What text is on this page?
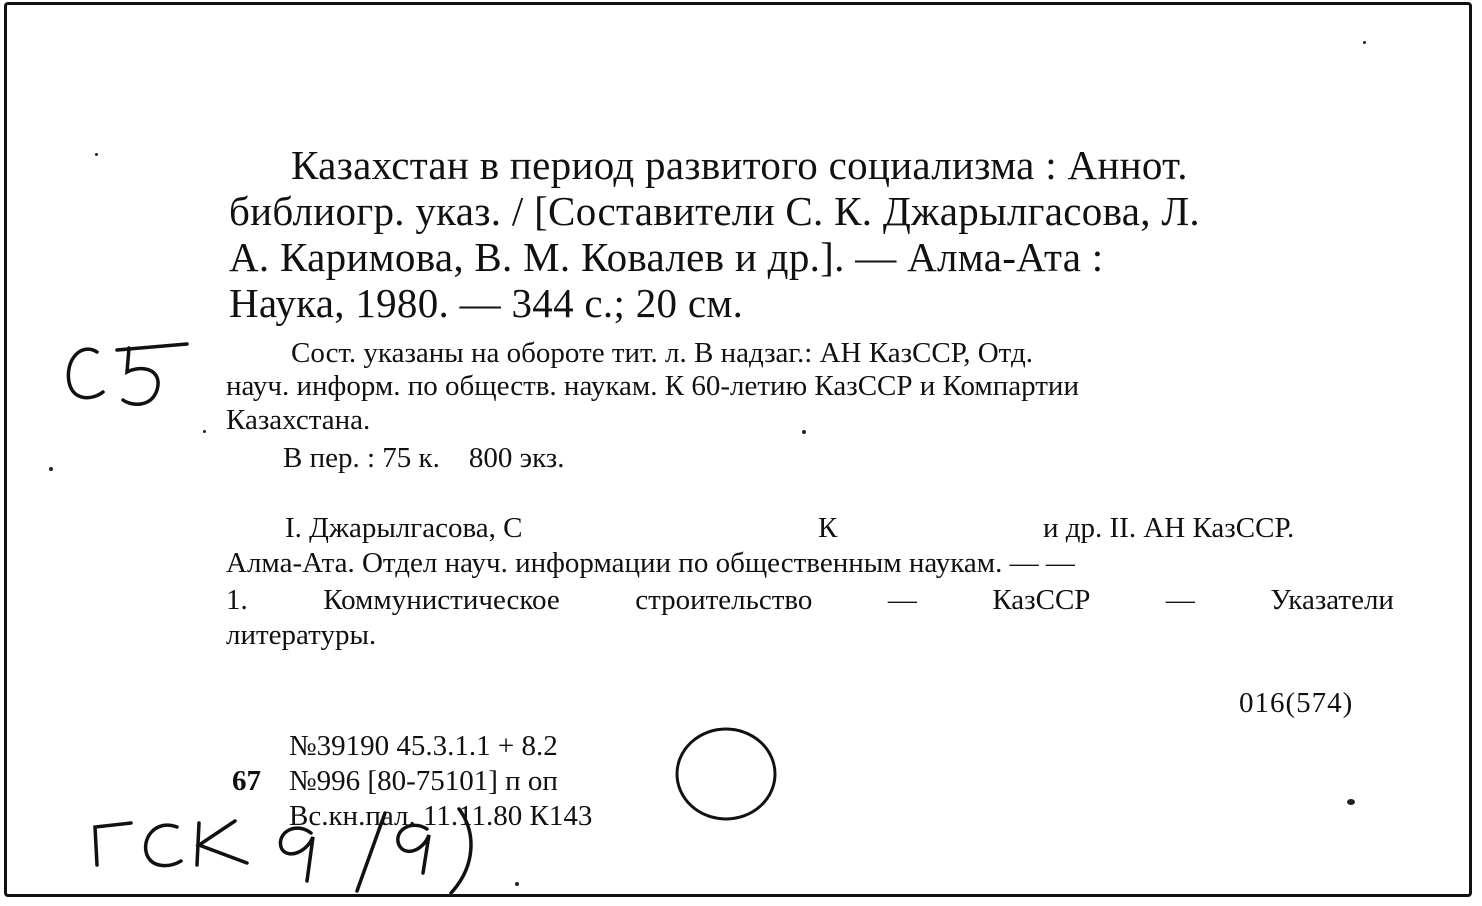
Казахстан в период развитого социализма : Аннот.
библиогр. указ. / [Составители С. К. Джарылгасова, Л.
А. Каримова, В. М. Ковалев и др.]. — Алма-Ата :
Наука, 1980. — 344 с.; 20 см.
Сост. указаны на обороте тит. л. В надзаг.: АН КазССР, Отд.
науч. информ. по обществ. наукам. К 60-летию КазССР и Компартии
Казахстана.
В пер. : 75 к.    800 экз.
I. Джарылгасова, С	К	и др. II. АН КазССР.
Алма-Ата. Отдел науч. информации по общественным наукам. — —
1.	Коммунистическое	строительство	—	КазССР	—	Указатели
литературы.
016(574)
№39190 45.3.1.1 + 8.2
67 №996 [80-75101] п оп
Вс.кн.пал. 11.11.80 К143
